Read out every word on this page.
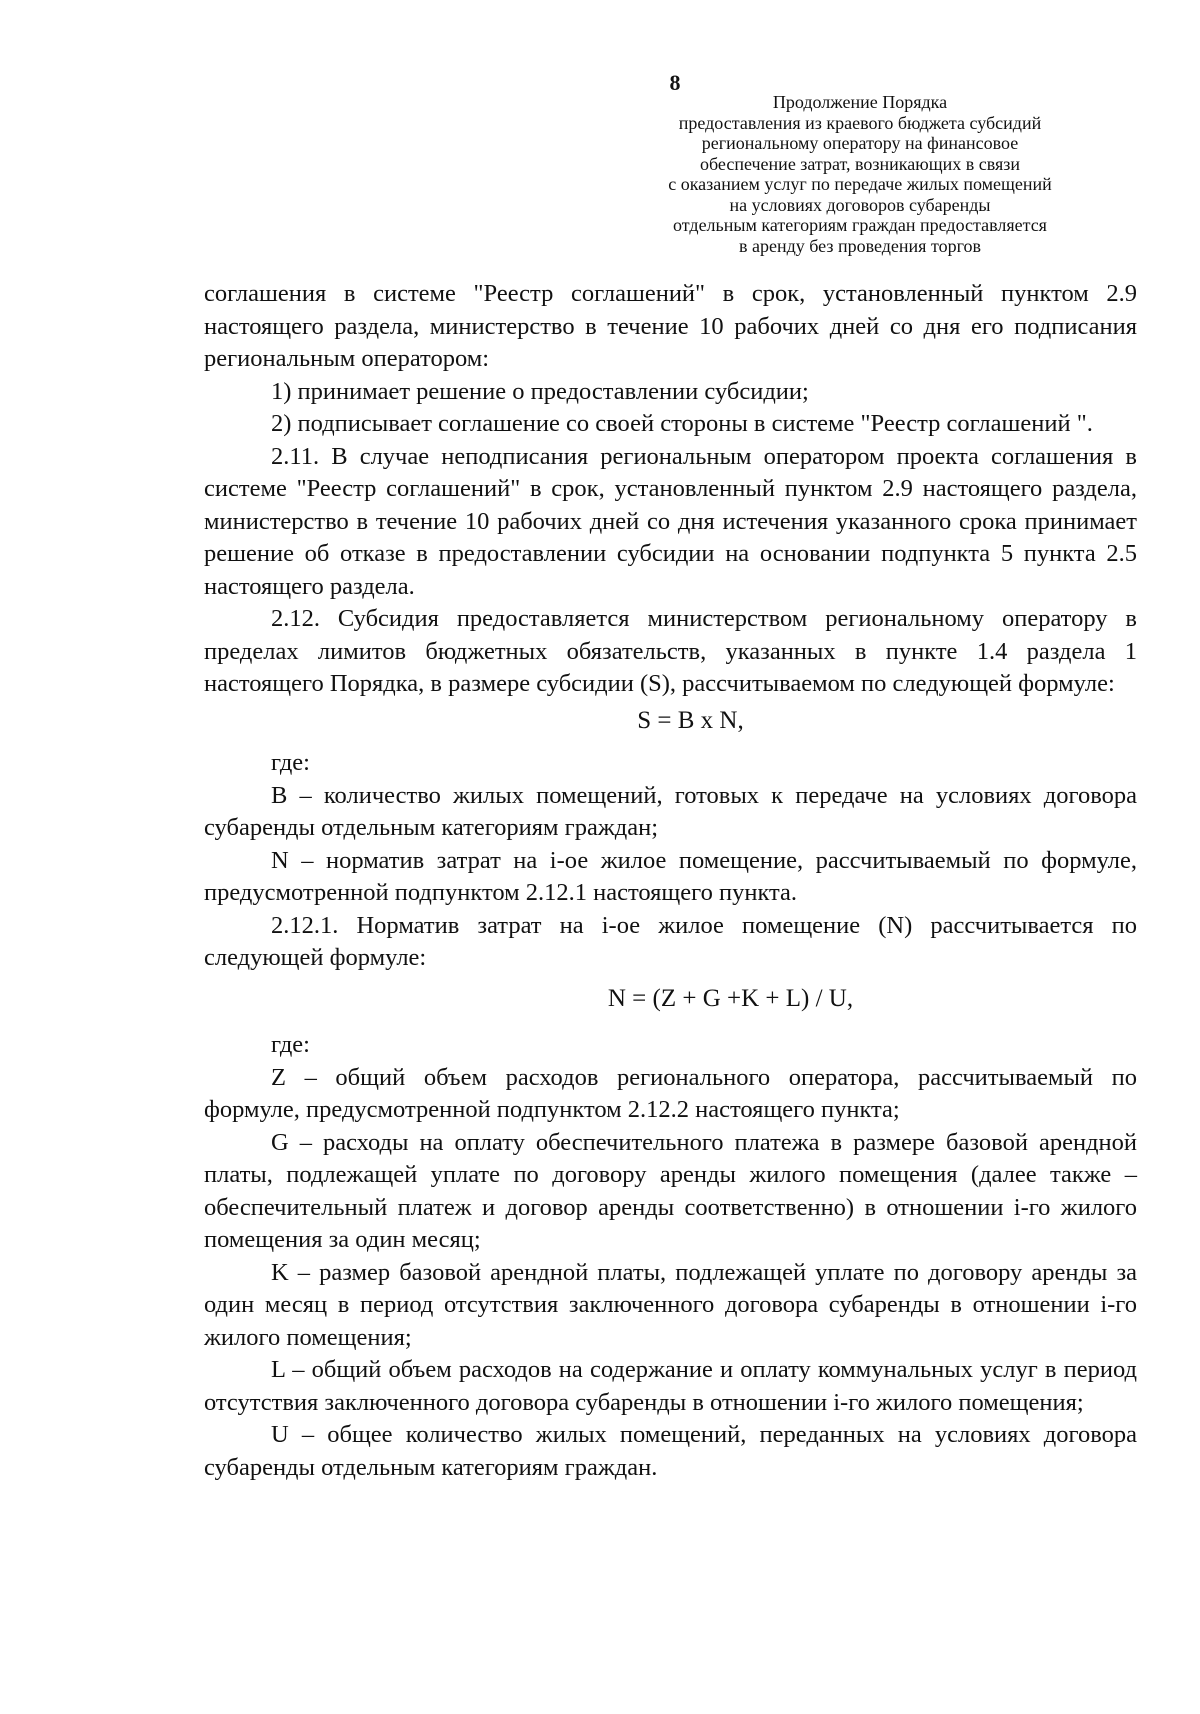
8
Продолжение Порядка
предоставления из краевого бюджета субсидий
региональному оператору на финансовое
обеспечение затрат, возникающих в связи
с оказанием услуг по передаче жилых помещений
на условиях договоров субаренды
отдельным категориям граждан предоставляется
в аренду без проведения торгов

соглашения в системе "Реестр соглашений" в срок, установленный пунктом 2.9 настоящего раздела, министерство в течение 10 рабочих дней со дня его подписания региональным оператором:

1) принимает решение о предоставлении субсидии;

2) подписывает соглашение со своей стороны в системе "Реестр соглашений ".

2.11. В случае неподписания региональным оператором проекта соглашения в системе "Реестр соглашений" в срок, установленный пунктом 2.9 настоящего раздела, министерство в течение 10 рабочих дней со дня истечения указанного срока принимает решение об отказе в предоставлении субсидии на основании подпункта 5 пункта 2.5 настоящего раздела.

2.12. Субсидия предоставляется министерством региональному оператору в пределах лимитов бюджетных обязательств, указанных в пункте 1.4 раздела 1 настоящего Порядка, в размере субсидии (S), рассчитываемом по следующей формуле:

S = B x N,

где:

B – количество жилых помещений, готовых к передаче на условиях договора субаренды отдельным категориям граждан;

N – норматив затрат на i-ое жилое помещение, рассчитываемый по формуле, предусмотренной подпунктом 2.12.1 настоящего пункта.

2.12.1. Норматив затрат на i-ое жилое помещение (N) рассчитывается по следующей формуле:

N = (Z + G +K + L) / U,

где:

Z – общий объем расходов регионального оператора, рассчитываемый по формуле, предусмотренной подпунктом 2.12.2 настоящего пункта;

G – расходы на оплату обеспечительного платежа в размере базовой арендной платы, подлежащей уплате по договору аренды жилого помещения (далее также – обеспечительный платеж и договор аренды соответственно) в отношении i-го жилого помещения за один месяц;

K – размер базовой арендной платы, подлежащей уплате по договору аренды за один месяц в период отсутствия заключенного договора субаренды в отношении i-го жилого помещения;

L – общий объем расходов на содержание и оплату коммунальных услуг в период отсутствия заключенного договора субаренды в отношении i-го жилого помещения;

U – общее количество жилых помещений, переданных на условиях договора субаренды отдельным категориям граждан.
